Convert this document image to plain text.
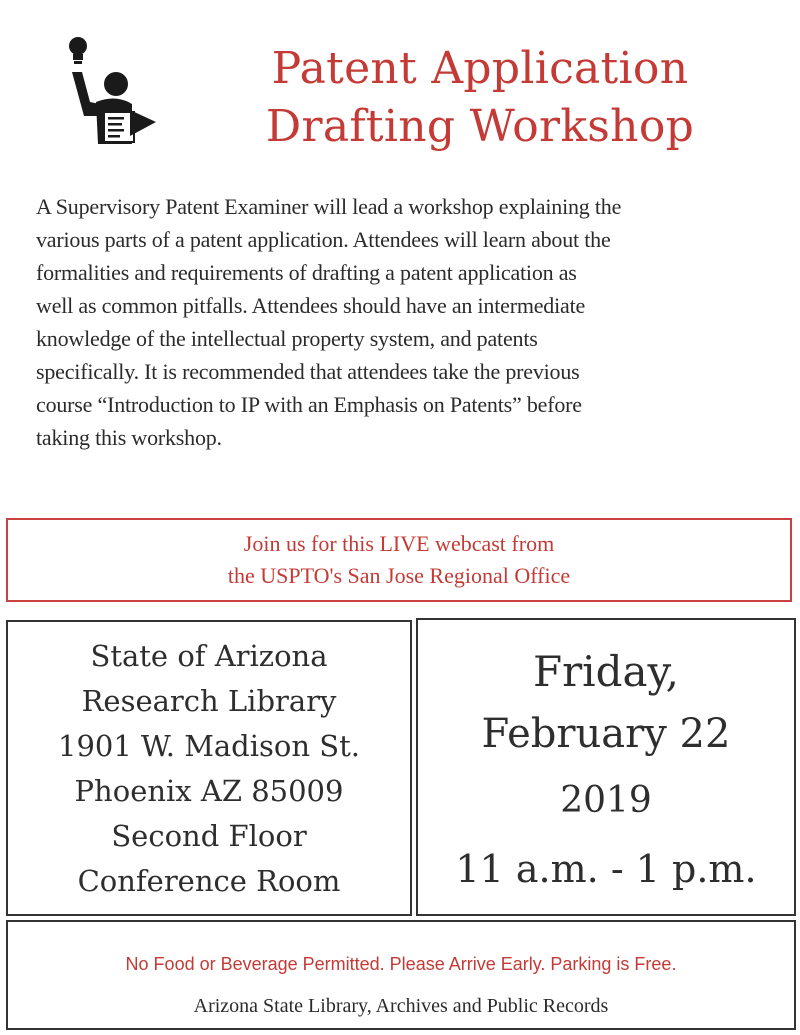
Patent Application
Drafting Workshop
A Supervisory Patent Examiner will lead a workshop explaining the
various parts of a patent application. Attendees will learn about the
formalities and requirements of drafting a patent application as
well as common pitfalls. Attendees should have an intermediate
knowledge of the intellectual property system, and patents
specifically. It is recommended that attendees take the previous
course “Introduction to IP with an Emphasis on Patents” before
taking this workshop.
Join us for this LIVE webcast from
the USPTO's San Jose Regional Office
State of Arizona
Research Library
1901 W. Madison St.
Phoenix AZ 85009
Second Floor
Conference Room
Friday,
February 22
2019
11 a.m. - 1 p.m.
No Food or Beverage Permitted. Please Arrive Early. Parking is Free.
Arizona State Library, Archives and Public Records
